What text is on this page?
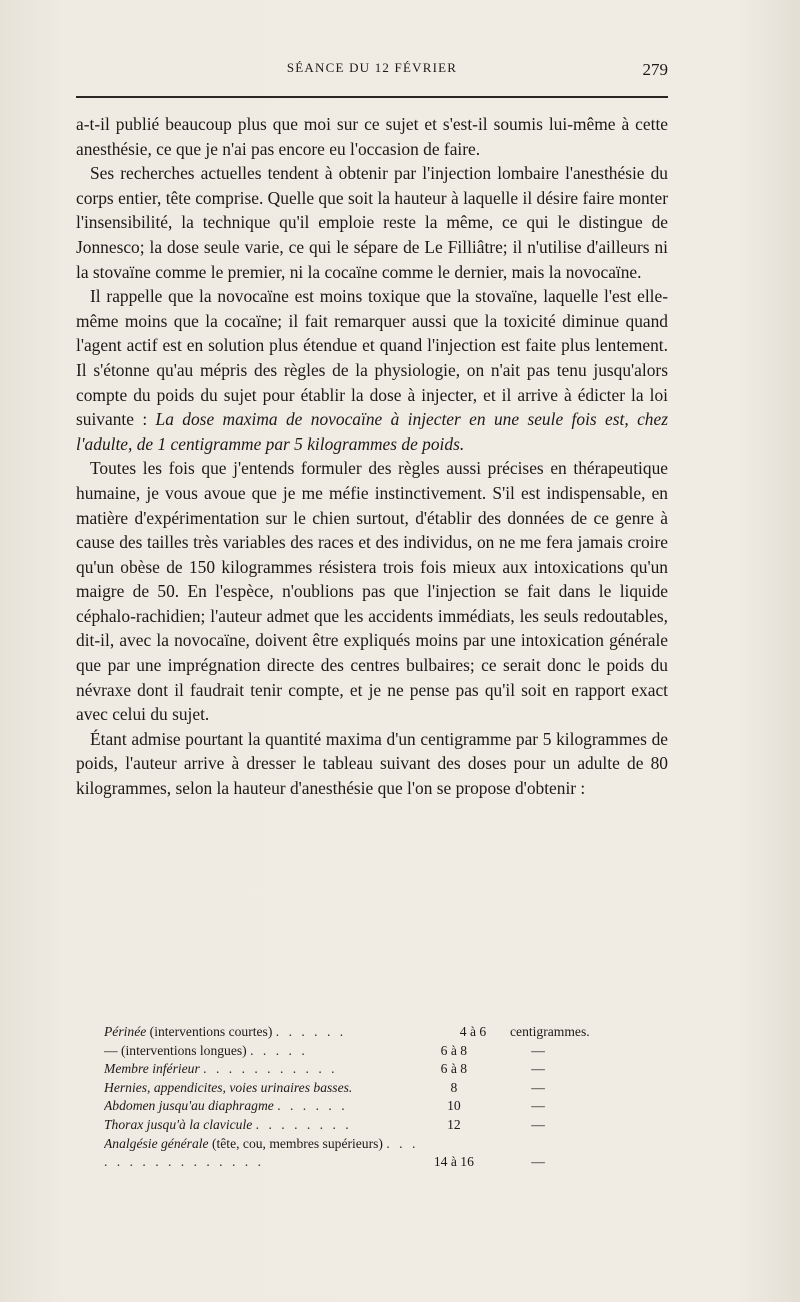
SÉANCE DU 12 FÉVRIER	279

a-t-il publié beaucoup plus que moi sur ce sujet et s'est-il soumis lui-même à cette anesthésie, ce que je n'ai pas encore eu l'occasion de faire.

Ses recherches actuelles tendent à obtenir par l'injection lombaire l'anesthésie du corps entier, tête comprise. Quelle que soit la hauteur à laquelle il désire faire monter l'insensibilité, la technique qu'il emploie reste la même, ce qui le distingue de Jonnesco; la dose seule varie, ce qui le sépare de Le Filliâtre; il n'utilise d'ailleurs ni la stovaïne comme le premier, ni la cocaïne comme le dernier, mais la novocaïne.

Il rappelle que la novocaïne est moins toxique que la stovaïne, laquelle l'est elle-même moins que la cocaïne; il fait remarquer aussi que la toxicité diminue quand l'agent actif est en solution plus étendue et quand l'injection est faite plus lentement. Il s'étonne qu'au mépris des règles de la physiologie, on n'ait pas tenu jusqu'alors compte du poids du sujet pour établir la dose à injecter, et il arrive à édicter la loi suivante : La dose maxima de novocaïne à injecter en une seule fois est, chez l'adulte, de 1 centigramme par 5 kilogrammes de poids.

Toutes les fois que j'entends formuler des règles aussi précises en thérapeutique humaine, je vous avoue que je me méfie instinctivement. S'il est indispensable, en matière d'expérimentation sur le chien surtout, d'établir des données de ce genre à cause des tailles très variables des races et des individus, on ne me fera jamais croire qu'un obèse de 150 kilogrammes résistera trois fois mieux aux intoxications qu'un maigre de 50. En l'espèce, n'oublions pas que l'injection se fait dans le liquide céphalo-rachidien; l'auteur admet que les accidents immédiats, les seuls redoutables, dit-il, avec la novocaïne, doivent être expliqués moins par une intoxication générale que par une imprégnation directe des centres bulbaires; ce serait donc le poids du névraxe dont il faudrait tenir compte, et je ne pense pas qu'il soit en rapport exact avec celui du sujet.

Étant admise pourtant la quantité maxima d'un centigramme par 5 kilogrammes de poids, l'auteur arrive à dresser le tableau suivant des doses pour un adulte de 80 kilogrammes, selon la hauteur d'anesthésie que l'on se propose d'obtenir :

Périnée (interventions courtes) . . . . . .	4 à 6	centigrammes.
— (interventions longues) . . . . .	6 à 8	—
Membre inférieur . . . . . . . . . . .	6 à 8	—
Hernies, appendicites, voies urinaires basses.	8	—
Abdomen jusqu'au diaphragme . . . . . .	10	—
Thorax jusqu'à la clavicule . . . . . . . .	12	—
Analgésie générale (tête, cou, membres supérieurs) . . . . . . . . . . . . . . . .	14 à 16	—
